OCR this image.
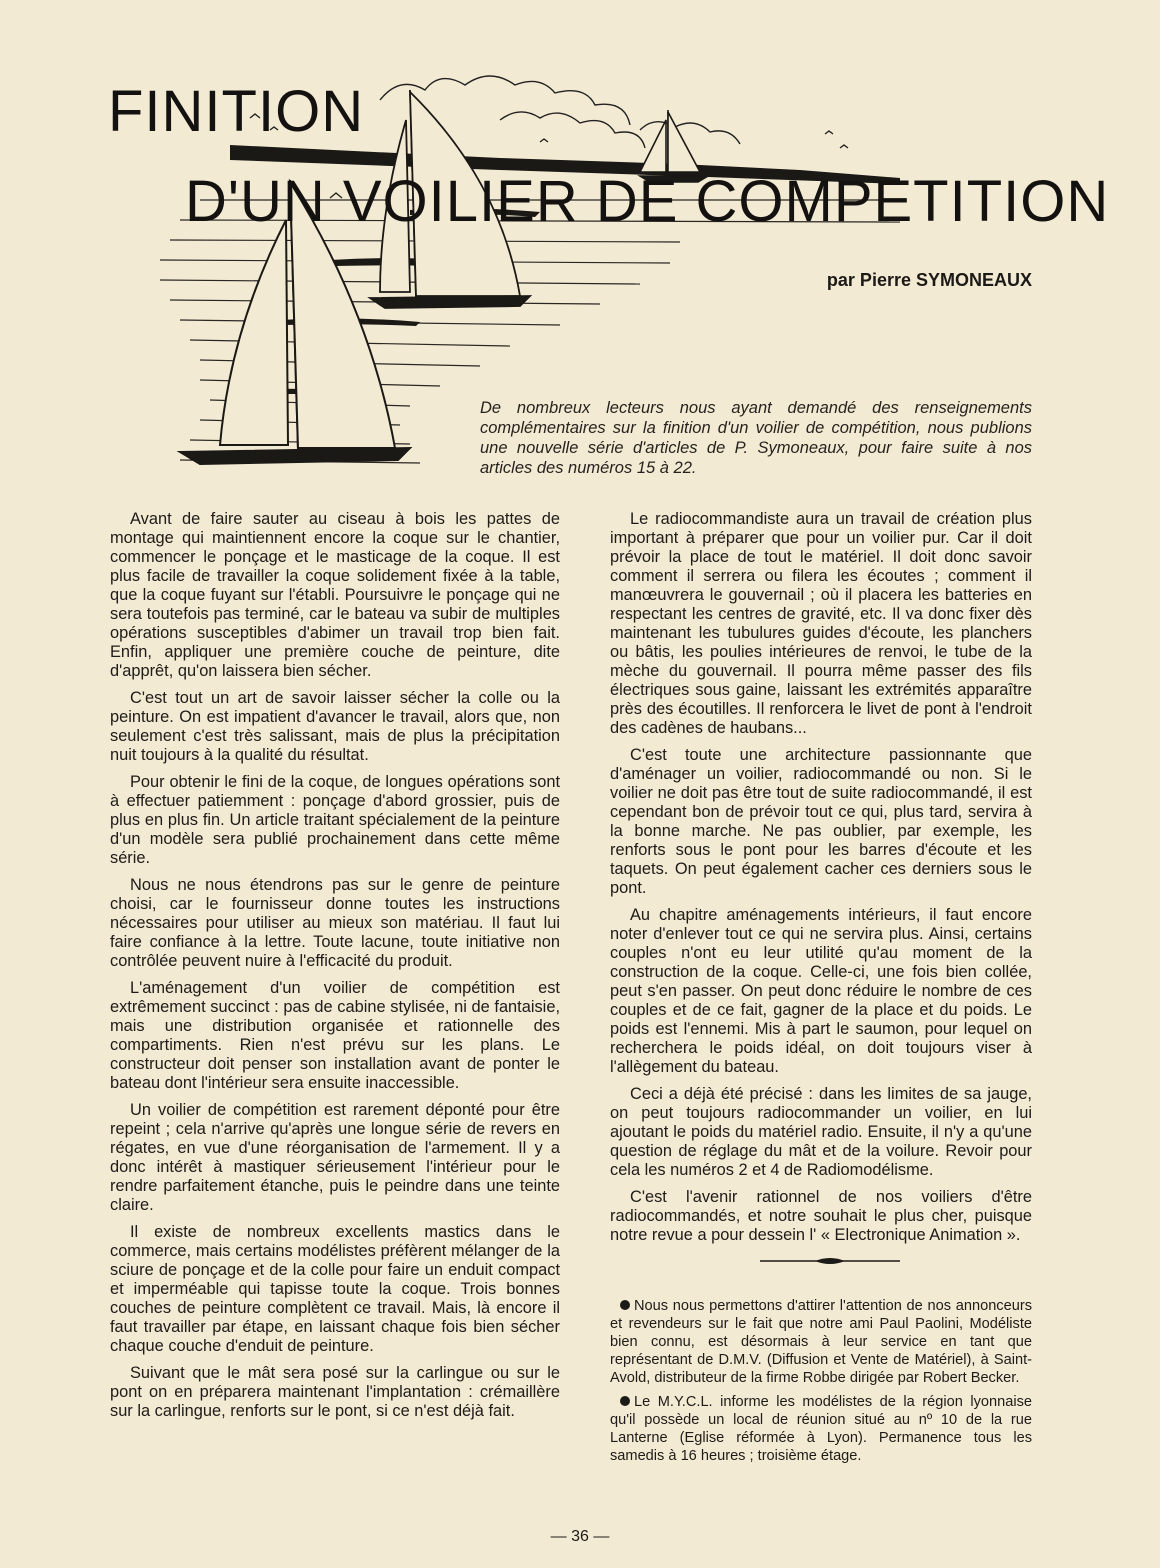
FINITION
D'UN VOILIER DE COMPETITION
par Pierre SYMONEAUX
De nombreux lecteurs nous ayant demandé des renseignements complémentaires sur la finition d'un voilier de compétition, nous publions une nouvelle série d'articles de P. Symoneaux, pour faire suite à nos articles des numéros 15 à 22.

Avant de faire sauter au ciseau à bois les pattes de montage qui maintiennent encore la coque sur le chantier, commencer le ponçage et le masticage de la coque. Il est plus facile de travailler la coque solidement fixée à la table, que la coque fuyant sur l'établi. Poursuivre le ponçage qui ne sera toutefois pas terminé, car le bateau va subir de multiples opérations susceptibles d'abimer un travail trop bien fait. Enfin, appliquer une première couche de peinture, dite d'apprêt, qu'on laissera bien sécher.

C'est tout un art de savoir laisser sécher la colle ou la peinture. On est impatient d'avancer le travail, alors que, non seulement c'est très salissant, mais de plus la précipitation nuit toujours à la qualité du résultat.

Pour obtenir le fini de la coque, de longues opérations sont à effectuer patiemment : ponçage d'abord grossier, puis de plus en plus fin. Un article traitant spécialement de la peinture d'un modèle sera publié prochainement dans cette même série.

Nous ne nous étendrons pas sur le genre de peinture choisi, car le fournisseur donne toutes les instructions nécessaires pour utiliser au mieux son matériau. Il faut lui faire confiance à la lettre. Toute lacune, toute initiative non contrôlée peuvent nuire à l'efficacité du produit.

L'aménagement d'un voilier de compétition est extrêmement succinct : pas de cabine stylisée, ni de fantaisie, mais une distribution organisée et rationnelle des compartiments. Rien n'est prévu sur les plans. Le constructeur doit penser son installation avant de ponter le bateau dont l'intérieur sera ensuite inaccessible.

Un voilier de compétition est rarement déponté pour être repeint ; cela n'arrive qu'après une longue série de revers en régates, en vue d'une réorganisation de l'armement. Il y a donc intérêt à mastiquer sérieusement l'intérieur pour le rendre parfaitement étanche, puis le peindre dans une teinte claire.

Il existe de nombreux excellents mastics dans le commerce, mais certains modélistes préfèrent mélanger de la sciure de ponçage et de la colle pour faire un enduit compact et imperméable qui tapisse toute la coque. Trois bonnes couches de peinture complètent ce travail. Mais, là encore il faut travailler par étape, en laissant chaque fois bien sécher chaque couche d'enduit de peinture.

Suivant que le mât sera posé sur la carlingue ou sur le pont on en préparera maintenant l'implantation : crémaillère sur la carlingue, renforts sur le pont, si ce n'est déjà fait.

Le radiocommandiste aura un travail de création plus important à préparer que pour un voilier pur. Car il doit prévoir la place de tout le matériel. Il doit donc savoir comment il serrera ou filera les écoutes ; comment il manœuvrera le gouvernail ; où il placera les batteries en respectant les centres de gravité, etc. Il va donc fixer dès maintenant les tubulures guides d'écoute, les planchers ou bâtis, les poulies intérieures de renvoi, le tube de la mèche du gouvernail. Il pourra même passer des fils électriques sous gaine, laissant les extrémités apparaître près des écoutilles. Il renforcera le livet de pont à l'endroit des cadènes de haubans...

C'est toute une architecture passionnante que d'aménager un voilier, radiocommandé ou non. Si le voilier ne doit pas être tout de suite radiocommandé, il est cependant bon de prévoir tout ce qui, plus tard, servira à la bonne marche. Ne pas oublier, par exemple, les renforts sous le pont pour les barres d'écoute et les taquets. On peut également cacher ces derniers sous le pont.

Au chapitre aménagements intérieurs, il faut encore noter d'enlever tout ce qui ne servira plus. Ainsi, certains couples n'ont eu leur utilité qu'au moment de la construction de la coque. Celle-ci, une fois bien collée, peut s'en passer. On peut donc réduire le nombre de ces couples et de ce fait, gagner de la place et du poids. Le poids est l'ennemi. Mis à part le saumon, pour lequel on recherchera le poids idéal, on doit toujours viser à l'allègement du bateau.

Ceci a déjà été précisé : dans les limites de sa jauge, on peut toujours radiocommander un voilier, en lui ajoutant le poids du matériel radio. Ensuite, il n'y a qu'une question de réglage du mât et de la voilure. Revoir pour cela les numéros 2 et 4 de Radiomodélisme.

C'est l'avenir rationnel de nos voiliers d'être radiocommandés, et notre souhait le plus cher, puisque notre revue a pour dessein l' « Electronique Animation ».

Nous nous permettons d'attirer l'attention de nos annonceurs et revendeurs sur le fait que notre ami Paul Paolini, Modéliste bien connu, est désormais à leur service en tant que représentant de D.M.V. (Diffusion et Vente de Matériel), à Saint-Avold, distributeur de la firme Robbe dirigée par Robert Becker.

Le M.Y.C.L. informe les modélistes de la région lyonnaise qu'il possède un local de réunion situé au nº 10 de la rue Lanterne (Eglise réformée à Lyon). Permanence tous les samedis à 16 heures ; troisième étage.

— 36 —
